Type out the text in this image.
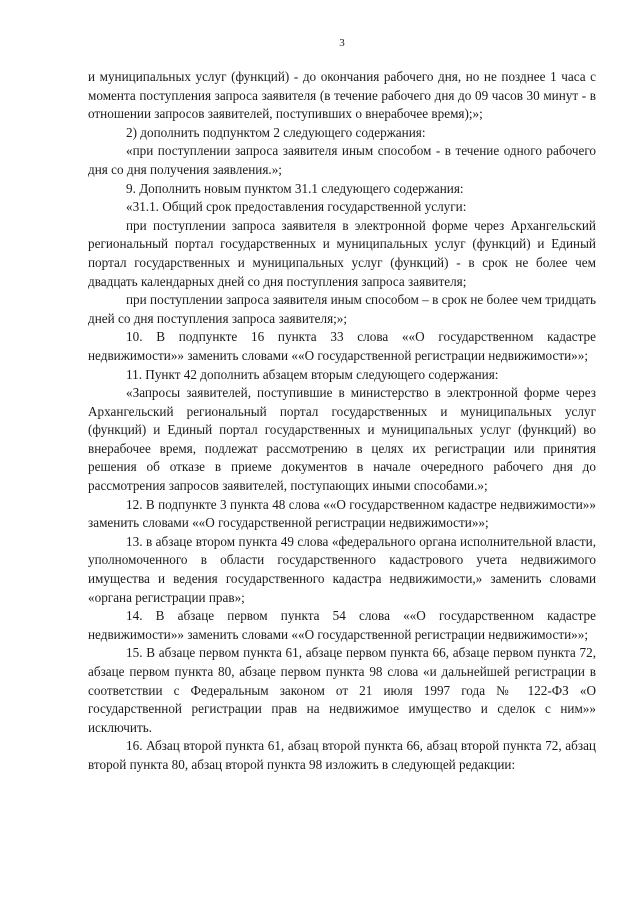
3

и муниципальных услуг (функций) - до окончания рабочего дня, но не позднее 1 часа с момента поступления запроса заявителя (в течение рабочего дня до 09 часов 30 минут - в отношении запросов заявителей, поступивших о внерабочее время);»;

2) дополнить подпунктом 2 следующего содержания:

«при поступлении запроса заявителя иным способом - в течение одного рабочего дня со дня получения заявления.»;

9. Дополнить новым пунктом 31.1 следующего содержания:

«31.1. Общий срок предоставления государственной услуги:

при поступлении запроса заявителя в электронной форме через Архангельский региональный портал государственных и муниципальных услуг (функций) и Единый портал государственных и муниципальных услуг (функций) - в срок не более чем двадцать календарных дней со дня поступления запроса заявителя;

при поступлении запроса заявителя иным способом – в срок не более чем тридцать дней со дня поступления запроса заявителя;»;

10. В подпункте 16 пункта 33 слова ««О государственном кадастре недвижимости»» заменить словами ««О государственной регистрации недвижимости»»;

11. Пункт 42 дополнить абзацем вторым следующего содержания:

«Запросы заявителей, поступившие в министерство в электронной форме через Архангельский региональный портал государственных и муниципальных услуг (функций) и Единый портал государственных и муниципальных услуг (функций) во внерабочее время, подлежат рассмотрению в целях их регистрации или принятия решения об отказе в приеме документов в начале очередного рабочего дня до рассмотрения запросов заявителей, поступающих иными способами.»;

12. В подпункте 3 пункта 48 слова ««О государственном кадастре недвижимости»» заменить словами ««О государственной регистрации недвижимости»»;

13. в абзаце втором пункта 49 слова «федерального органа исполнительной власти, уполномоченного в области государственного кадастрового учета недвижимого имущества и ведения государственного кадастра недвижимости,» заменить словами «органа регистрации прав»;

14. В абзаце первом пункта 54 слова ««О государственном кадастре недвижимости»» заменить словами ««О государственной регистрации недвижимости»»;

15. В абзаце первом пункта 61, абзаце первом пункта 66, абзаце первом пункта 72, абзаце первом пункта 80, абзаце первом пункта 98 слова «и дальнейшей регистрации в соответствии с Федеральным законом от 21 июля 1997 года № 122-ФЗ «О государственной регистрации прав на недвижимое имущество и сделок с ним»» исключить.

16. Абзац второй пункта 61, абзац второй пункта 66, абзац второй пункта 72, абзац второй пункта 80, абзац второй пункта 98 изложить в следующей редакции:
